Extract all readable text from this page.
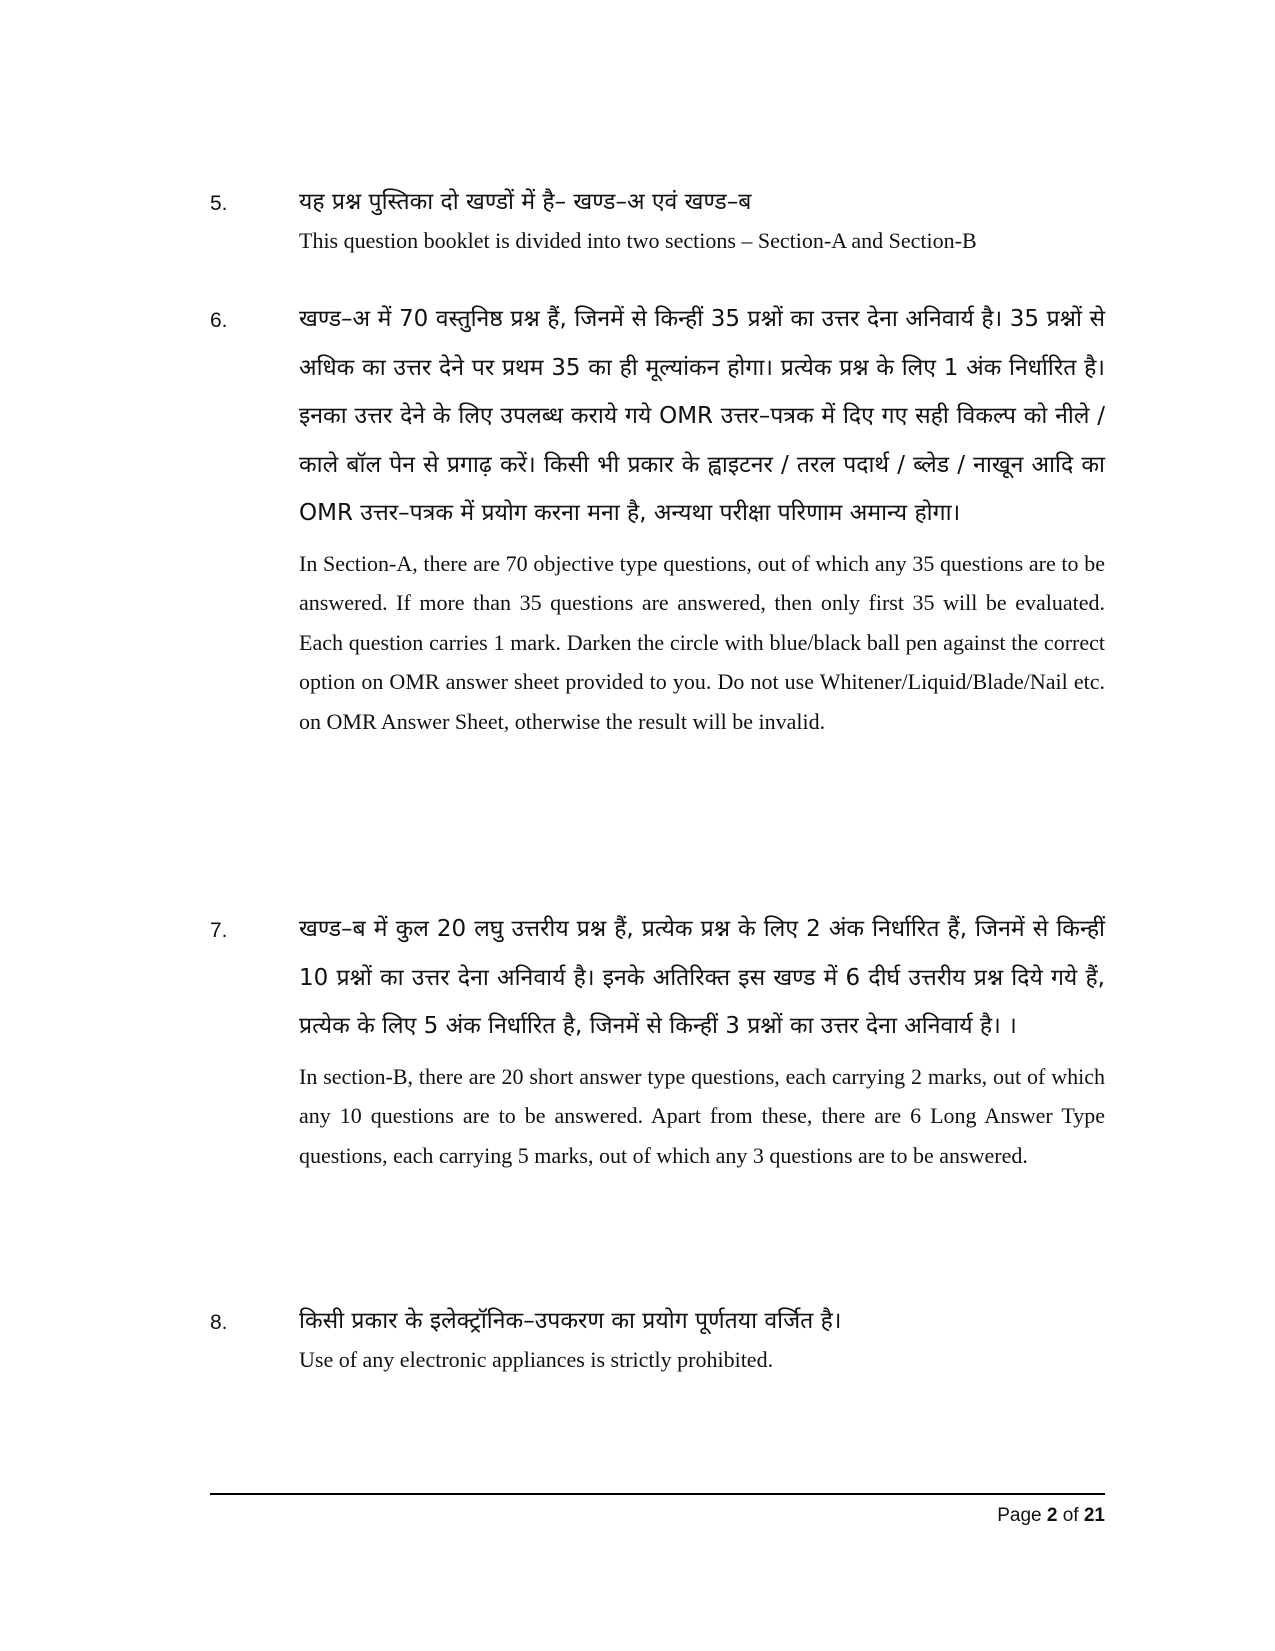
5.	यह प्रश्न पुस्तिका दो खण्डों में है– खण्ड–अ एवं खण्ड–ब

This question booklet is divided into two sections – Section-A and Section-B

6.	खण्ड–अ में 70 वस्तुनिष्ठ प्रश्न हैं, जिनमें से किन्हीं 35 प्रश्नों का उत्तर देना अनिवार्य है। 35 प्रश्नों से अधिक का उत्तर देने पर प्रथम 35 का ही मूल्यांकन होगा। प्रत्येक प्रश्न के लिए 1 अंक निर्धारित है। इनका उत्तर देने के लिए उपलब्ध कराये गये OMR उत्तर–पत्रक में दिए गए सही विकल्प को नीले / काले बॉल पेन से प्रगाढ़ करें। किसी भी प्रकार के ह्वाइटनर / तरल पदार्थ / ब्लेड / नाखून आदि का OMR उत्तर–पत्रक में प्रयोग करना मना है, अन्यथा परीक्षा परिणाम अमान्य होगा।

In Section-A, there are 70 objective type questions, out of which any 35 questions are to be answered. If more than 35 questions are answered, then only first 35 will be evaluated. Each question carries 1 mark. Darken the circle with blue/black ball pen against the correct option on OMR answer sheet provided to you. Do not use Whitener/Liquid/Blade/Nail etc. on OMR Answer Sheet, otherwise the result will be invalid.

7.	खण्ड–ब में कुल 20 लघु उत्तरीय प्रश्न हैं, प्रत्येक प्रश्न के लिए 2 अंक निर्धारित हैं, जिनमें से किन्हीं 10 प्रश्नों का उत्तर देना अनिवार्य है। इनके अतिरिक्त इस खण्ड में 6 दीर्घ उत्तरीय प्रश्न दिये गये हैं, प्रत्येक के लिए 5 अंक निर्धारित है, जिनमें से किन्हीं 3 प्रश्नों का उत्तर देना अनिवार्य है। ।

In section-B, there are 20 short answer type questions, each carrying 2 marks, out of which any 10 questions are to be answered. Apart from these, there are 6 Long Answer Type questions, each carrying 5 marks, out of which any 3 questions are to be answered.

8.	किसी प्रकार के इलेक्ट्रॉनिक–उपकरण का प्रयोग पूर्णतया वर्जित है।

Use of any electronic appliances is strictly prohibited.

Page 2 of 21
